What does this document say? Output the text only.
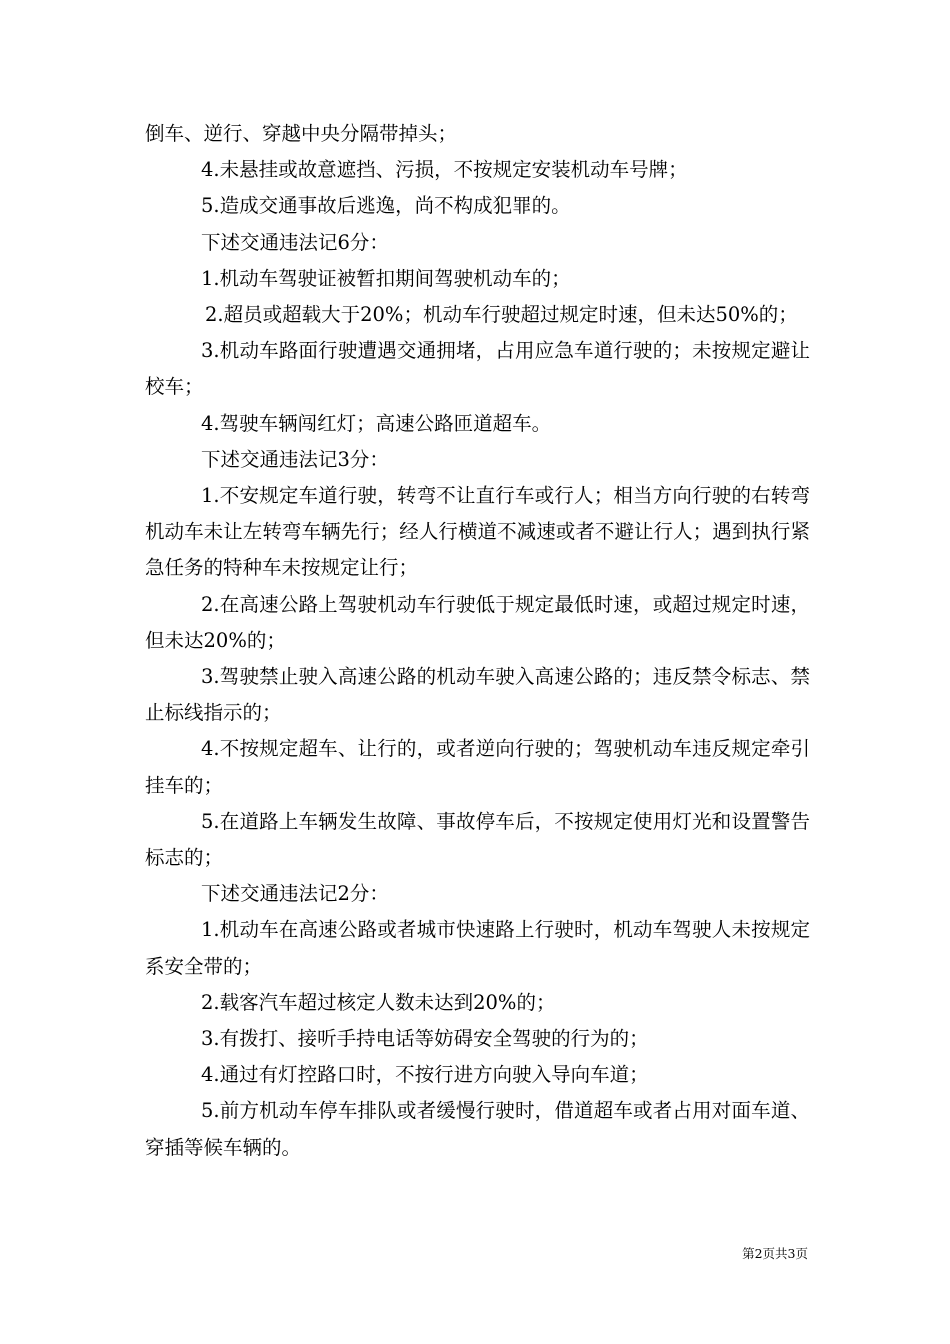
倒车、逆行、穿越中央分隔带掉头；

4.未悬挂或故意遮挡、污损，不按规定安装机动车号牌；

5.造成交通事故后逃逸，尚不构成犯罪的。

下述交通违法记6分：

1.机动车驾驶证被暂扣期间驾驶机动车的；

2.超员或超载大于20%；机动车行驶超过规定时速，但未达50%的；

3.机动车路面行驶遭遇交通拥堵，占用应急车道行驶的；未按规定避让校车；

4.驾驶车辆闯红灯；高速公路匝道超车。

下述交通违法记3分：

1.不安规定车道行驶，转弯不让直行车或行人；相当方向行驶的右转弯机动车未让左转弯车辆先行；经人行横道不减速或者不避让行人；遇到执行紧急任务的特种车未按规定让行；

2.在高速公路上驾驶机动车行驶低于规定最低时速，或超过规定时速，但未达20%的；

3.驾驶禁止驶入高速公路的机动车驶入高速公路的；违反禁令标志、禁止标线指示的；

4.不按规定超车、让行的，或者逆向行驶的；驾驶机动车违反规定牵引挂车的；

5.在道路上车辆发生故障、事故停车后，不按规定使用灯光和设置警告标志的；

下述交通违法记2分：

1.机动车在高速公路或者城市快速路上行驶时，机动车驾驶人未按规定系安全带的；

2.载客汽车超过核定人数未达到20%的；

3.有拨打、接听手持电话等妨碍安全驾驶的行为的；

4.通过有灯控路口时，不按行进方向驶入导向车道；

5.前方机动车停车排队或者缓慢行驶时，借道超车或者占用对面车道、穿插等候车辆的。

第2页共3页
